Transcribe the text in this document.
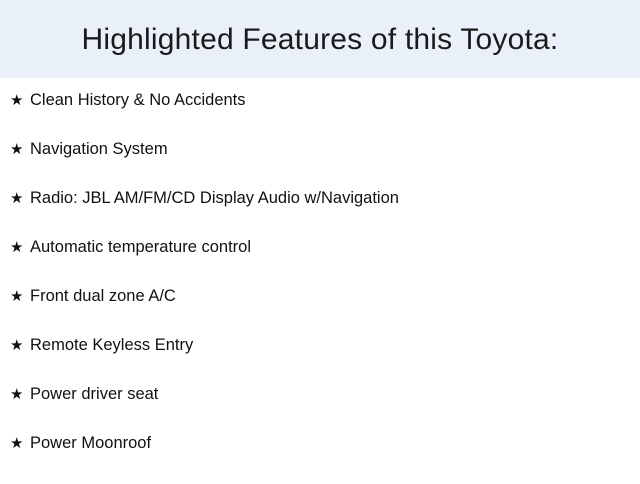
Highlighted Features of this Toyota:
★ Clean History & No Accidents
★ Navigation System
★ Radio: JBL AM/FM/CD Display Audio w/Navigation
★ Automatic temperature control
★ Front dual zone A/C
★ Remote Keyless Entry
★ Power driver seat
★ Power Moonroof
